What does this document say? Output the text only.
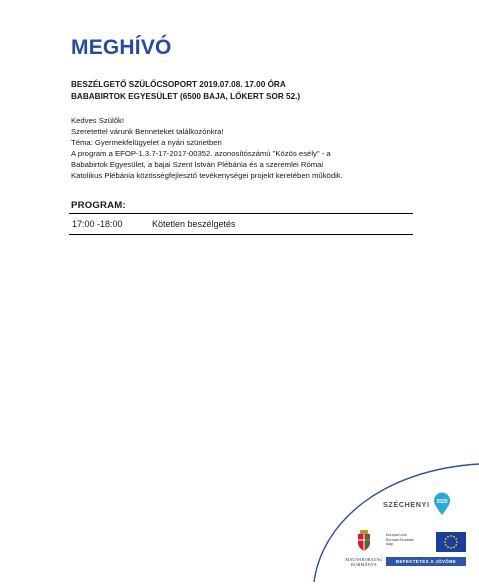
MEGHÍVÓ
BESZÉLGETŐ SZÜLŐCSOPORT 2019.07.08. 17.00 ÓRA
BABABIRTOK EGYESÜLET (6500 BAJA, LŐKERT SOR 52.)
Kedves Szülők!
Szeretettel várunk Benneteket találkozónkra!
Téma: Gyermekfelügyelet a nyári szünetben
A program a EFOP-1.3.7-17-2017-00352. azonosítószámú "Közös esély" - a
Bababirtok Egyesület, a bajai Szent István Plébánia és a szeremlei Római
Katolikus Plébánia közösségfejlesztő tevékenységei projekt keretében működik.
PROGRAM:
17:00 -18:00	Kötetlen beszélgetés
SZÉCHENYI 2020
MAGYARORSZÁG
KORMÁNYA
Európai Unió
Európai Szociális
Alap
BEFEKTETÉS A JÖVŐBE
